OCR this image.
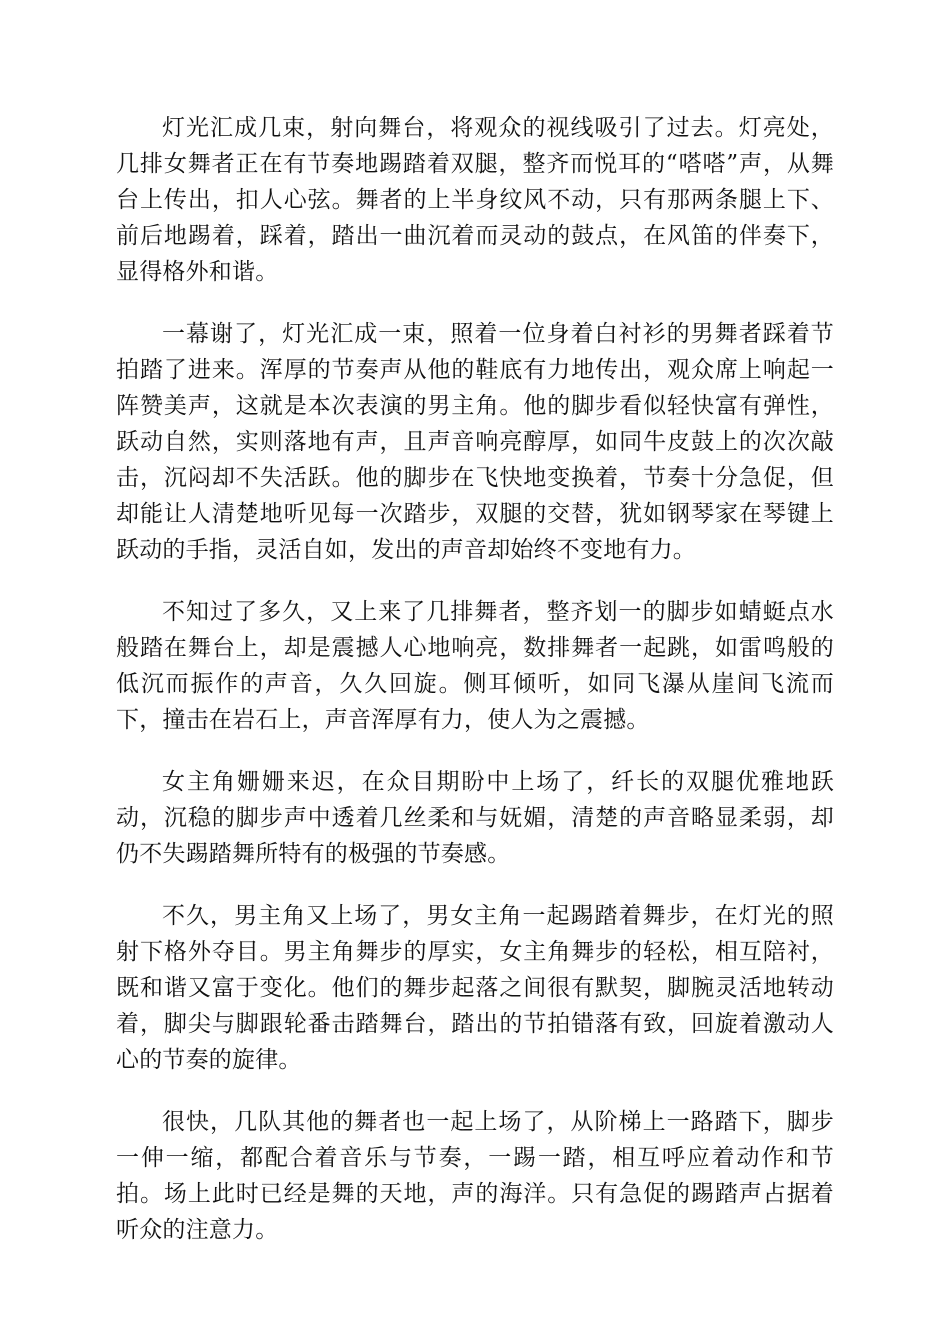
灯光汇成几束，射向舞台，将观众的视线吸引了过去。灯亮处，几排女舞者正在有节奏地踢踏着双腿，整齐而悦耳的“嗒嗒”声，从舞台上传出，扣人心弦。舞者的上半身纹风不动，只有那两条腿上下、前后地踢着，踩着，踏出一曲沉着而灵动的鼓点，在风笛的伴奏下，显得格外和谐。

一幕谢了，灯光汇成一束，照着一位身着白衬衫的男舞者踩着节拍踏了进来。浑厚的节奏声从他的鞋底有力地传出，观众席上响起一阵赞美声，这就是本次表演的男主角。他的脚步看似轻快富有弹性，跃动自然，实则落地有声，且声音响亮醇厚，如同牛皮鼓上的次次敲击，沉闷却不失活跃。他的脚步在飞快地变换着，节奏十分急促，但却能让人清楚地听见每一次踏步，双腿的交替，犹如钢琴家在琴键上跃动的手指，灵活自如，发出的声音却始终不变地有力。

不知过了多久，又上来了几排舞者，整齐划一的脚步如蜻蜓点水般踏在舞台上，却是震撼人心地响亮，数排舞者一起跳，如雷鸣般的低沉而振作的声音，久久回旋。侧耳倾听，如同飞瀑从崖间飞流而下，撞击在岩石上，声音浑厚有力，使人为之震撼。

女主角姗姗来迟，在众目期盼中上场了，纤长的双腿优雅地跃动，沉稳的脚步声中透着几丝柔和与妩媚，清楚的声音略显柔弱，却仍不失踢踏舞所特有的极强的节奏感。

不久，男主角又上场了，男女主角一起踢踏着舞步，在灯光的照射下格外夺目。男主角舞步的厚实，女主角舞步的轻松，相互陪衬，既和谐又富于变化。他们的舞步起落之间很有默契，脚腕灵活地转动着，脚尖与脚跟轮番击踏舞台，踏出的节拍错落有致，回旋着激动人心的节奏的旋律。

很快，几队其他的舞者也一起上场了，从阶梯上一路踏下，脚步一伸一缩，都配合着音乐与节奏，一踢一踏，相互呼应着动作和节拍。场上此时已经是舞的天地，声的海洋。只有急促的踢踏声占据着听众的注意力。
